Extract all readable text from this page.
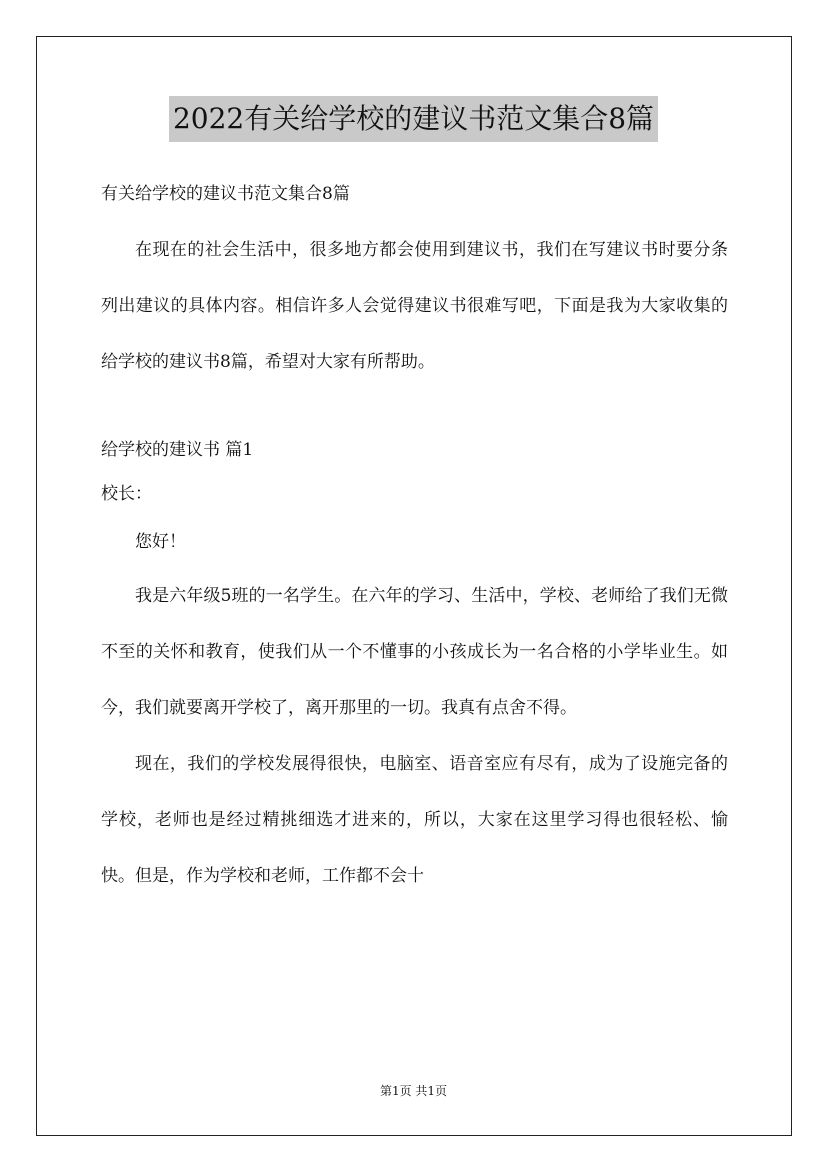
2022有关给学校的建议书范文集合8篇
有关给学校的建议书范文集合8篇

在现在的社会生活中，很多地方都会使用到建议书，我们在写建议书时要分条列出建议的具体内容。相信许多人会觉得建议书很难写吧，下面是我为大家收集的给学校的建议书8篇，希望对大家有所帮助。

给学校的建议书 篇1
校长：

您好！

我是六年级5班的一名学生。在六年的学习、生活中，学校、老师给了我们无微不至的关怀和教育，使我们从一个不懂事的小孩成长为一名合格的小学毕业生。如今，我们就要离开学校了，离开那里的一切。我真有点舍不得。

现在，我们的学校发展得很快，电脑室、语音室应有尽有，成为了设施完备的学校，老师也是经过精挑细选才进来的，所以，大家在这里学习得也很轻松、愉快。但是，作为学校和老师，工作都不会十

第1页 共1页
